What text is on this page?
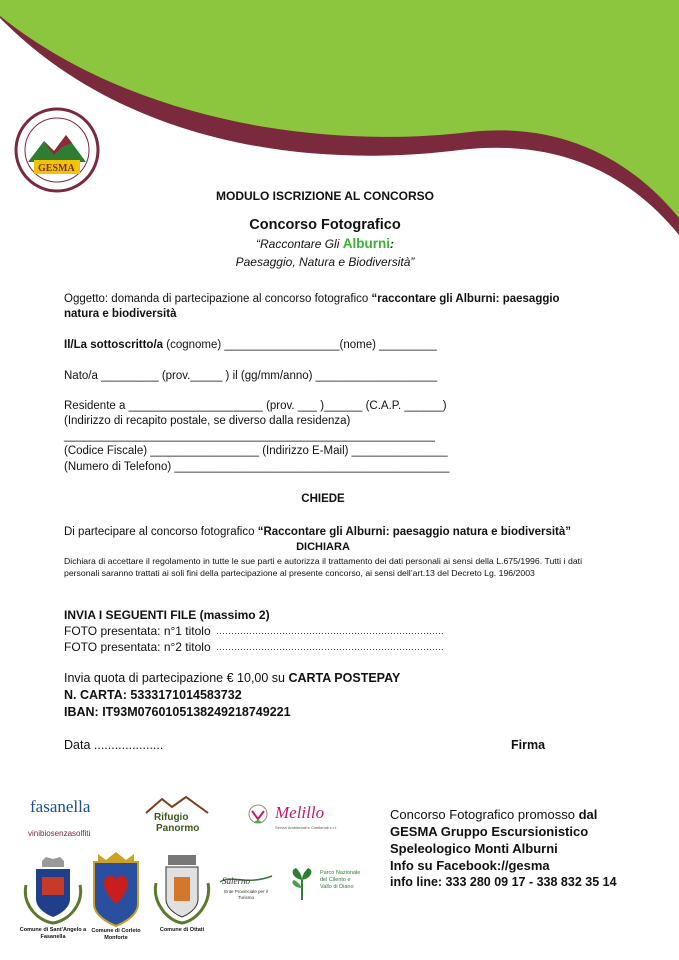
GESMA
MODULO ISCRIZIONE AL CONCORSO
Concorso Fotografico
“Raccontare Gli Alburni:
Paesaggio, Natura e Biodiversità”
Oggetto: domanda di partecipazione al concorso fotografico “raccontare gli Alburni: paesaggio
natura e biodiversità
Il/La sottoscritto/a (cognome) __________________(nome) _________
Nato/a _________ (prov._____ ) il (gg/mm/anno) ___________________
Residente a _____________________ (prov. ___ )______ (C.A.P. ______)
(Indirizzo di recapito postale, se diverso dalla residenza)
__________________________________________________________
(Codice Fiscale) _________________ (Indirizzo E-Mail) _______________
(Numero di Telefono) ___________________________________________
CHIEDE
Di partecipare al concorso fotografico “Raccontare gli Alburni: paesaggio natura e biodiversità”
DICHIARA
Dichiara di accettare il regolamento in tutte le sue parti e autorizza il trattamento dei dati personali ai sensi della L.675/1996. Tutti i dati personali saranno trattati ai soli fini della partecipazione al presente concorso, ai sensi dell’art.13 del Decreto Lg. 196/2003
INVIA I SEGUENTI FILE (massimo 2)
FOTO presentata: n°1 titolo ………………………………………………………………….
FOTO presentata: n°2 titolo ………………………………………………………………….
Invia quota di partecipazione € 10,00 su CARTA POSTEPAY
N. CARTA: 5333171014583732
IBAN: IT93M0760105138249218749221
Data ....................	Firma
fasanella
vinibiosenzasolfiti
Rifugio
Panormo
Melillo
Servizi Ambientali e Cimiteriali s.r.l.
Comune di Sant'Angelo a Fasanella
Comune di Corleto Monforte
Comune di Ottati
Salerno
Ente Provinciale per il Turismo
Parco Nazionale del Cilento e Vallo di Diano
Concorso Fotografico promosso dal
GESMA Gruppo Escursionistico
Speleologico Monti Alburni
Info su Facebook://gesma
info line: 333 280 09 17 - 338 832 35 14
